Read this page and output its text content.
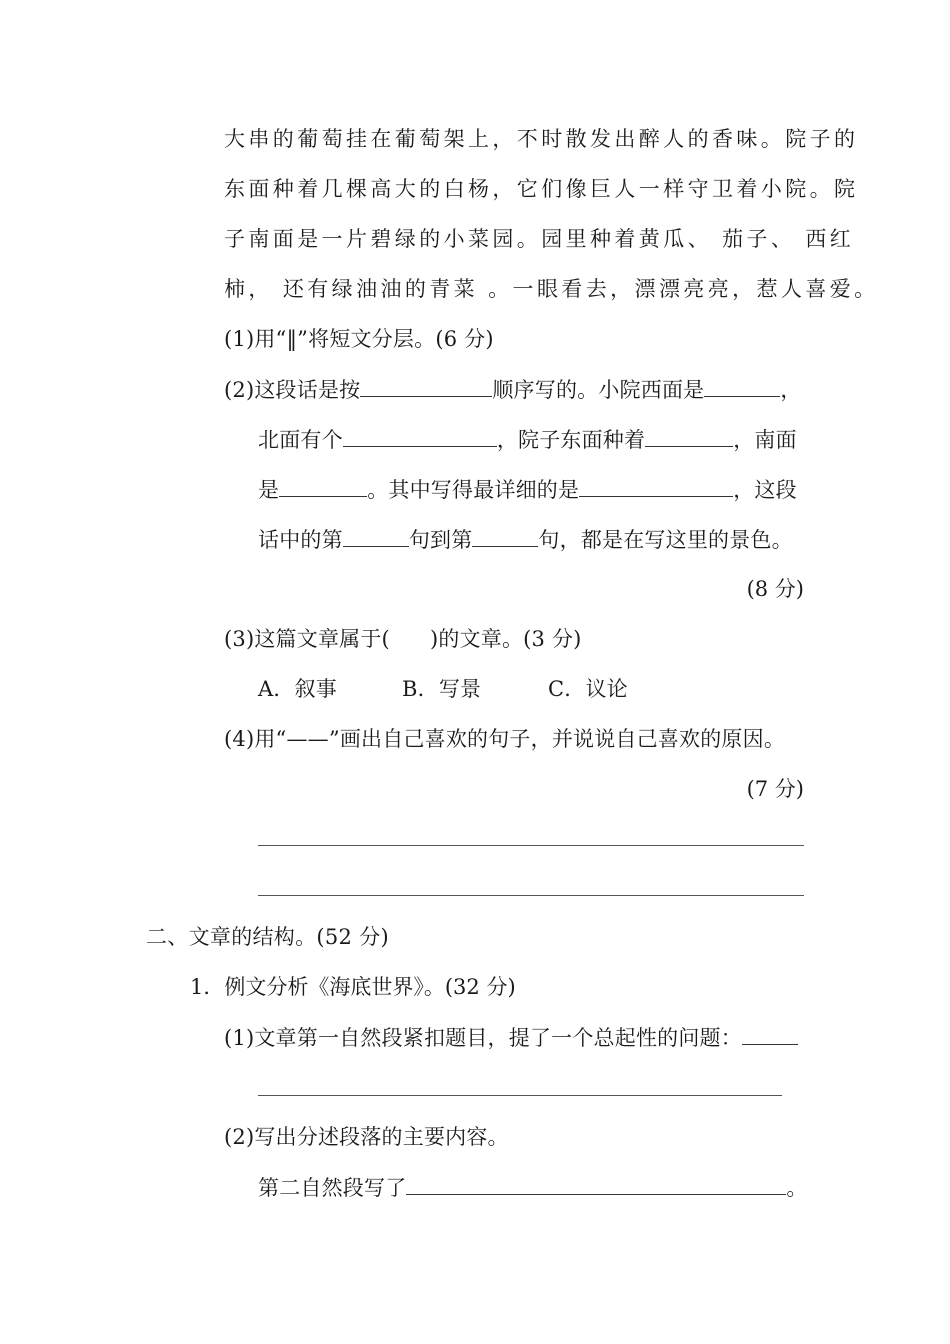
大串的葡萄挂在葡萄架上，不时散发出醉人的香味。院子的
东面种着几棵高大的白杨，它们像巨人一样守卫着小院。院
子南面是一片碧绿的小菜园。园里种着黄瓜、 茄子、 西红
柿， 还有绿油油的青菜 。一眼看去，漂漂亮亮，惹人喜爱。
(1)用“‖”将短文分层。(6 分)
(2)这段话是按	顺序写的。小院西面是	，
北面有个	，院子东面种着	，南面
是	。其中写得最详细的是	，这段
话中的第	句到第	句，都是在写这里的景色。
(8 分)
(3)这篇文章属于( )的文章。(3 分)
A．叙事	B．写景	C．议论
(4)用“——”画出自己喜欢的句子，并说说自己喜欢的原因。
(7 分)
二、文章的结构。(52 分)
1．例文分析《海底世界》。(32 分)
(1)文章第一自然段紧扣题目，提了一个总起性的问题：
(2)写出分述段落的主要内容。
第二自然段写了	。
